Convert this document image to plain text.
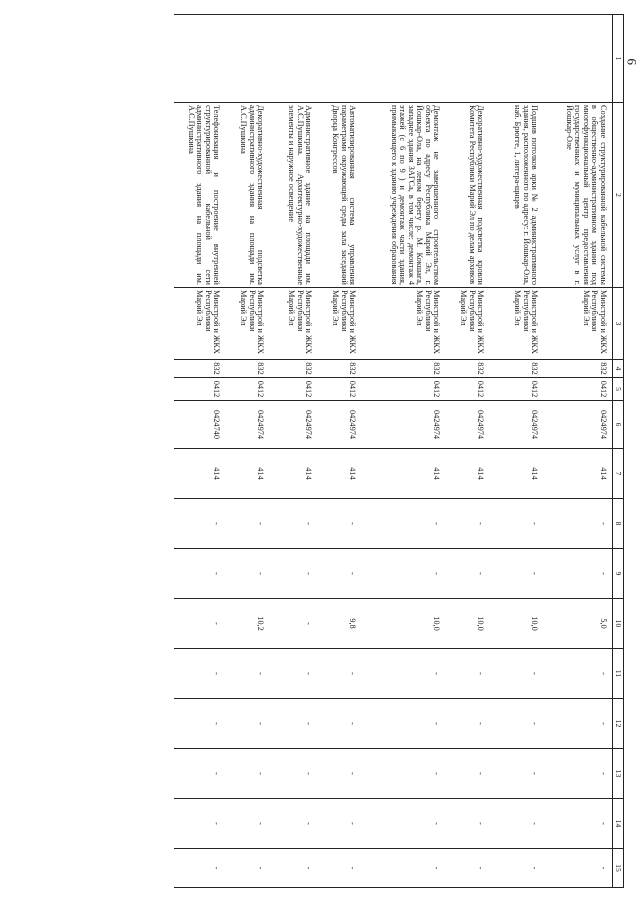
9
1	2	3	4	5	6	7	8	9	10	11	12	13	14	15
	Создание структурированной кабельной системы в общественно-административном здании под многофункциональный центр предоставления государственных и муниципальных услуг в г. Йошкар-Оле	Минстрой и ЖКХ Республики Марий Эл	832	0412	0424974	414	-	-	5,0	-	-	-	-	-
	Подшив потолков арки № 2 административного здания, расположенного по адресу: г. Йошкар-Ола, наб. Брюгге, 1, литера-щнцев	Минстрой и ЖКХ Республики Марий Эл	832	0412	0424974	414	-	-	10,0	-	-	-	-	-
	Декоративно-художественная подсветка кровли Комитета Республики Марий Эл по делам архивов	Минстрой и ЖКХ Республики Марий Эл	832	0412	0424974	414	-	-	10,0	-	-	-	-	-
	Демонтаж не завершенного строительством объекта по адресу Республика Марий Эл, г. Йошкар-Ола, на левом берегу р. М. Кокшага, западнее здания ЗАГСа, в том числе: демонтаж 4 этажей (с 6 по 9 ) и демонтаж части здания, примыкающего к зданию учреждения образования	Минстрой и ЖКХ Республики Марий Эл	832	0412	0424974	414	-	-	10,0	-	-	-	-	-
	Автоматизированная система управления параметрами окружающей среды зала заседаний Дворца Конгрессов	Минстрой и ЖКХ Республики Марий Эл	832	0412	0424974	414	-	-	9,8	-	-	-	-	-
	Административное здание на площади им. А.С.Пушкина. Архитектурно-художественные элементы и наружное освещение	Минстрой и ЖКХ Республики Марий Эл	832	0412	0424974	414	-	-	-	-	-	-	-	-
	Декоративно-художественная подсветка административного здания на площади им. А.С.Пушкина	Минстрой и ЖКХ Республики Марий Эл	832	0412	0424974	414	-	-	10,2	-	-	-	-	-
	Телефонизация и построение внутренней структурированной кабельной сети административного здания на площади им. А.С.Пушкина	Минстрой и ЖКХ Республики Марий Эл	832	0412	0424740	414	-	-	-	-	-	-	-	-
